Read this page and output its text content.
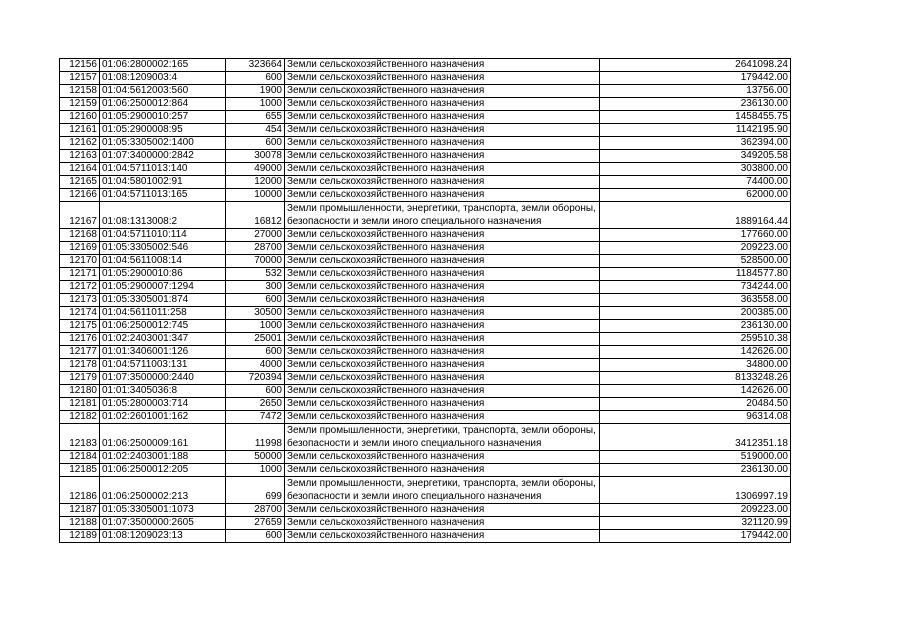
12156	01:06:2800002:165	323664	Земли сельскохозяйственного назначения	2641098.24
12157	01:08:1209003:4	600	Земли сельскохозяйственного назначения	179442.00
12158	01:04:5612003:560	1900	Земли сельскохозяйственного назначения	13756.00
12159	01:06:2500012:864	1000	Земли сельскохозяйственного назначения	236130.00
12160	01:05:2900010:257	655	Земли сельскохозяйственного назначения	1458455.75
12161	01:05:2900008:95	454	Земли сельскохозяйственного назначения	1142195.90
12162	01:05:3305002:1400	600	Земли сельскохозяйственного назначения	362394.00
12163	01:07:3400000:2842	30078	Земли сельскохозяйственного назначения	349205.58
12164	01:04:5711013:140	49000	Земли сельскохозяйственного назначения	303800.00
12165	01:04:5801002:91	12000	Земли сельскохозяйственного назначения	74400.00
12166	01:04:5711013:165	10000	Земли сельскохозяйственного назначения	62000.00
12167	01:08:1313008:2	16812	Земли промышленности, энергетики, транспорта, земли обороны, безопасности и земли иного специального назначения	1889164.44
12168	01:04:5711010:114	27000	Земли сельскохозяйственного назначения	177660.00
12169	01:05:3305002:546	28700	Земли сельскохозяйственного назначения	209223.00
12170	01:04:5611008:14	70000	Земли сельскохозяйственного назначения	528500.00
12171	01:05:2900010:86	532	Земли сельскохозяйственного назначения	1184577.80
12172	01:05:2900007:1294	300	Земли сельскохозяйственного назначения	734244.00
12173	01:05:3305001:874	600	Земли сельскохозяйственного назначения	363558.00
12174	01:04:5611011:258	30500	Земли сельскохозяйственного назначения	200385.00
12175	01:06:2500012:745	1000	Земли сельскохозяйственного назначения	236130.00
12176	01:02:2403001:347	25001	Земли сельскохозяйственного назначения	259510.38
12177	01:01:3406001:126	600	Земли сельскохозяйственного назначения	142626.00
12178	01:04:5711003:131	4000	Земли сельскохозяйственного назначения	34800.00
12179	01:07:3500000:2440	720394	Земли сельскохозяйственного назначения	8133248.26
12180	01:01:3405036:8	600	Земли сельскохозяйственного назначения	142626.00
12181	01:05:2800003:714	2650	Земли сельскохозяйственного назначения	20484.50
12182	01:02:2601001:162	7472	Земли сельскохозяйственного назначения	96314.08
12183	01:06:2500009:161	11998	Земли промышленности, энергетики, транспорта, земли обороны, безопасности и земли иного специального назначения	3412351.18
12184	01:02:2403001:188	50000	Земли сельскохозяйственного назначения	519000.00
12185	01:06:2500012:205	1000	Земли сельскохозяйственного назначения	236130.00
12186	01:06:2500002:213	699	Земли промышленности, энергетики, транспорта, земли обороны, безопасности и земли иного специального назначения	1306997.19
12187	01:05:3305001:1073	28700	Земли сельскохозяйственного назначения	209223.00
12188	01:07:3500000:2605	27659	Земли сельскохозяйственного назначения	321120.99
12189	01:08:1209023:13	600	Земли сельскохозяйственного назначения	179442.00
